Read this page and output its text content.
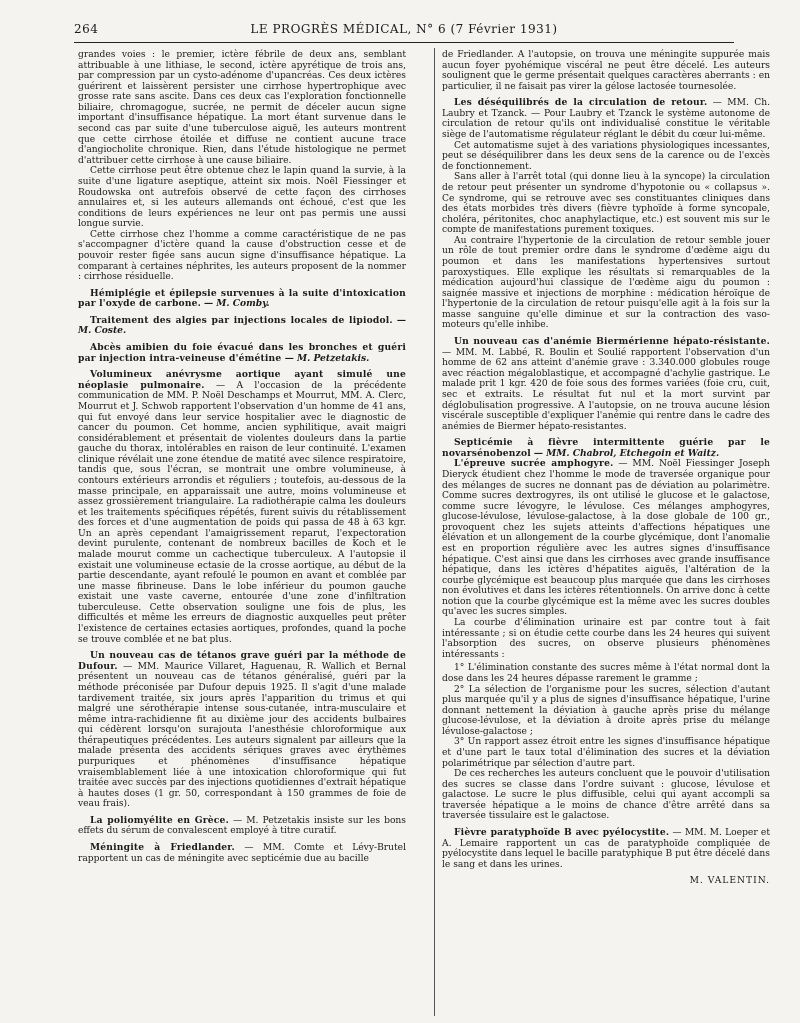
264	LE PROGRÈS MÉDICAL, N° 6 (7 Février 1931)

grandes voies : le premier, ictère fébrile de deux ans, semblant attribuable à une lithiase, le second, ictère apyrétique de trois ans, par compression par un cysto-adénome d'upancréas. Ces deux ictères guérirent et laissèrent persister une cirrhose hypertrophique avec grosse rate sans ascite. Dans ces deux cas l'exploration fonctionnelle biliaire, chromagogue, sucrée, ne permit de déceler aucun signe important d'insuffisance hépatique. La mort étant survenue dans le second cas par suite d'une tuberculose aiguë, les auteurs montrent que cette cirrhose étoilée et diffuse ne contient aucune trace d'angiocholite chronique. Rien, dans l'étude histologique ne permet d'attribuer cette cirrhose à une cause biliaire.

Cette cirrhose peut être obtenue chez le lapin quand la survie, à la suite d'une ligature aseptique, atteint six mois. Noël Fiessinger et Roudowska ont autrefois observé de cette façon des cirrhoses annulaires et, si les auteurs allemands ont échoué, c'est que les conditions de leurs expériences ne leur ont pas permis une aussi longue survie.

Cette cirrhose chez l'homme a comme caractéristique de ne pas s'accompagner d'ictère quand la cause d'obstruction cesse et de pouvoir rester figée sans aucun signe d'insuffisance hépatique. La comparant à certaines néphrites, les auteurs proposent de la nommer : cirrhose résiduelle.

Hémiplégie et épilepsie survenues à la suite d'intoxication par l'oxyde de carbone. — M. Comby.

Traitement des algies par injections locales de lipiodol. — M. Coste.

Abcès amibien du foie évacué dans les bronches et guéri par injection intra-veineuse d'émétine — M. Petzetakis.

Volumineux anévrysme aortique ayant simulé une néoplasie pulmonaire. — A l'occasion de la précédente communication de MM. P. Noël Deschamps et Mourrut, MM. A. Clerc, Mourrut et J. Schwob rapportent l'observation d'un homme de 41 ans, qui fut envoyé dans leur service hospitalier avec le diagnostic de cancer du poumon. Cet homme, ancien syphilitique, avait maigri considérablement et présentait de violentes douleurs dans la partie gauche du thorax, intolérables en raison de leur continuité. L'examen clinique révélait une zone étendue de matité avec silence respiratoire, tandis que, sous l'écran, se montrait une ombre volumineuse, à contours extérieurs arrondis et réguliers ; toutefois, au-dessous de la masse principale, en apparaissait une autre, moins volumineuse et assez grossièrement triangulaire. La radiothérapie calma les douleurs et les traitements spécifiques répétés, furent suivis du rétablissement des forces et d'une augmentation de poids qui passa de 48 à 63 kgr. Un an après cependant l'amaigrissement reparut, l'expectoration devint purulente, contenant de nombreux bacilles de Koch et le malade mourut comme un cachectique tuberculeux. A l'autopsie il existait une volumineuse ectasie de la crosse aortique, au début de la partie descendante, ayant refoulé le poumon en avant et comblée par une masse fibrineuse. Dans le lobe inférieur du poumon gauche existait une vaste caverne, entourée d'une zone d'infiltration tuberculeuse. Cette observation souligne une fois de plus, les difficultés et même les erreurs de diagnostic auxquelles peut prêter l'existence de certaines ectasies aortiques, profondes, quand la poche se trouve comblée et ne bat plus.

Un nouveau cas de tétanos grave guéri par la méthode de Dufour. — MM. Maurice Villaret, Haguenau, R. Wallich et Bernal présentent un nouveau cas de tétanos généralisé, guéri par la méthode préconisée par Dufour depuis 1925. Il s'agit d'une malade tardivement traitée, six jours après l'apparition du trimus et qui malgré une sérothérapie intense sous-cutanée, intra-musculaire et même intra-rachidienne fit au dixième jour des accidents bulbaires qui cédèrent lorsqu'on surajouta l'anesthésie chloroformique aux thérapeutiques précédentes. Les auteurs signalent par ailleurs que la malade présenta des accidents sériques graves avec érythèmes purpuriques et phénomènes d'insuffisance hépatique vraisemblablement liée à une intoxication chloroformique qui fut traitée avec succès par des injections quotidiennes d'extrait hépatique à hautes doses (1 gr. 50, correspondant à 150 grammes de foie de veau frais).

La poliomyélite en Grèce. — M. Petzetakis insiste sur les bons effets du sérum de convalescent employé à titre curatif.

Méningite à Friedlander. — MM. Comte et Lévy-Brutel rapportent un cas de méningite avec septicémie due au bacille

de Friedlander. A l'autopsie, on trouva une méningite suppurée mais aucun foyer pyohémique viscéral ne peut être décelé. Les auteurs soulignent que le germe présentait quelques caractères aberrants : en particulier, il ne faisait pas virer la gélose lactosée tournesolée.

Les déséquilibrés de la circulation de retour. — MM. Ch. Laubry et Tzanck. — Pour Laubry et Tzanck le système autonome de circulation de retour qu'ils ont individualisé constitue le véritable siège de l'automatisme régulateur réglant le débit du cœur lui-même.

Cet automatisme sujet à des variations physiologiques incessantes, peut se déséquilibrer dans les deux sens de la carence ou de l'excès de fonctionnement.

Sans aller à l'arrêt total (qui donne lieu à la syncope) la circulation de retour peut présenter un syndrome d'hypotonie ou « collapsus ». Ce syndrome, qui se retrouve avec ses constituantes cliniques dans des états morbides très divers (fièvre typhoïde à forme syncopale, choléra, péritonites, choc anaphylactique, etc.) est souvent mis sur le compte de manifestations purement toxiques.

Au contraire l'hypertonie de la circulation de retour semble jouer un rôle de tout premier ordre dans le syndrome d'œdème aigu du poumon et dans les manifestations hypertensives surtout paroxystiques. Elle explique les résultats si remarquables de la médication aujourd'hui classique de l'œdème aigu du poumon : saignée massive et injections de morphine : médication héroïque de l'hypertonie de la circulation de retour puisqu'elle agit à la fois sur la masse sanguine qu'elle diminue et sur la contraction des vaso-moteurs qu'elle inhibe.

Un nouveau cas d'anémie Biermérienne hépato-résistante. — MM. M. Labbé, R. Boulin et Soulié rapportent l'observation d'un homme de 62 ans atteint d'anémie grave : 3.340.000 globules rouge avec réaction mégaloblastique, et accompagné d'achylie gastrique. Le malade prit 1 kgr. 420 de foie sous des formes variées (foie cru, cuit, sec et extraits. Le résultat fut nul et la mort survint par déglobulisation progressive. A l'autopsie, on ne trouva aucune lésion viscérale susceptible d'expliquer l'anémie qui rentre dans le cadre des anémies de Biermer hépato-resistantes.

Septicémie à fièvre intermittente guérie par le novarsénobenzol — MM. Chabrol, Etchegoin et Waitz.

L'épreuve sucrée amphogyre. — MM. Noël Fiessinger Joseph Dieryck étudient chez l'homme le mode de traversée organique pour des mélanges de sucres ne donnant pas de déviation au polarimètre. Comme sucres dextrogyres, ils ont utilisé le glucose et le galactose, comme sucre lévogyre, le lévulose. Ces mélanges amphogyres, glucose-lévulose, lévulose-galactose, à la dose globale de 100 gr., provoquent chez les sujets atteints d'affections hépatiques une élévation et un allongement de la courbe glycémique, dont l'anomalie est en proportion régulière avec les autres signes d'insuffisance hépatique. C'est ainsi que dans les cirrhoses avec grande insuffisance hépatique, dans les ictères d'hépatites aiguës, l'altération de la courbe glycémique est beaucoup plus marquée que dans les cirrhoses non évolutives et dans les ictères rétentionnels. On arrive donc à cette notion que la courbe glycémique est la même avec les sucres doubles qu'avec les sucres simples.

La courbe d'élimination urinaire est par contre tout à fait intéressante ; si on étudie cette courbe dans les 24 heures qui suivent l'absorption des sucres, on observe plusieurs phénomènes intéressants :

1° L'élimination constante des sucres même à l'état normal dont la dose dans les 24 heures dépasse rarement le gramme ;

2° La sélection de l'organisme pour les sucres, sélection d'autant plus marquée qu'il y a plus de signes d'insuffisance hépatique, l'urine donnant nettement la déviation à gauche après prise du mélange glucose-lévulose, et la déviation à droite après prise du mélange lévulose-galactose ;

3° Un rapport assez étroit entre les signes d'insuffisance hépatique et d'une part le taux total d'élimination des sucres et la déviation polarimétrique par sélection d'autre part.

De ces recherches les auteurs concluent que le pouvoir d'utilisation des sucres se classe dans l'ordre suivant : glucose, lévulose et galactose. Le sucre le plus diffusible, celui qui ayant accompli sa traversée hépatique a le moins de chance d'être arrêté dans sa traversée tissulaire est le galactose.

Fièvre paratyphoïde B avec pyélocystite. — MM. M. Loeper et A. Lemaire rapportent un cas de paratyphoïde compliquée de pyélocystite dans lequel le bacille paratyphique B put être décelé dans le sang et dans les urines.

M. VALENTIN.
